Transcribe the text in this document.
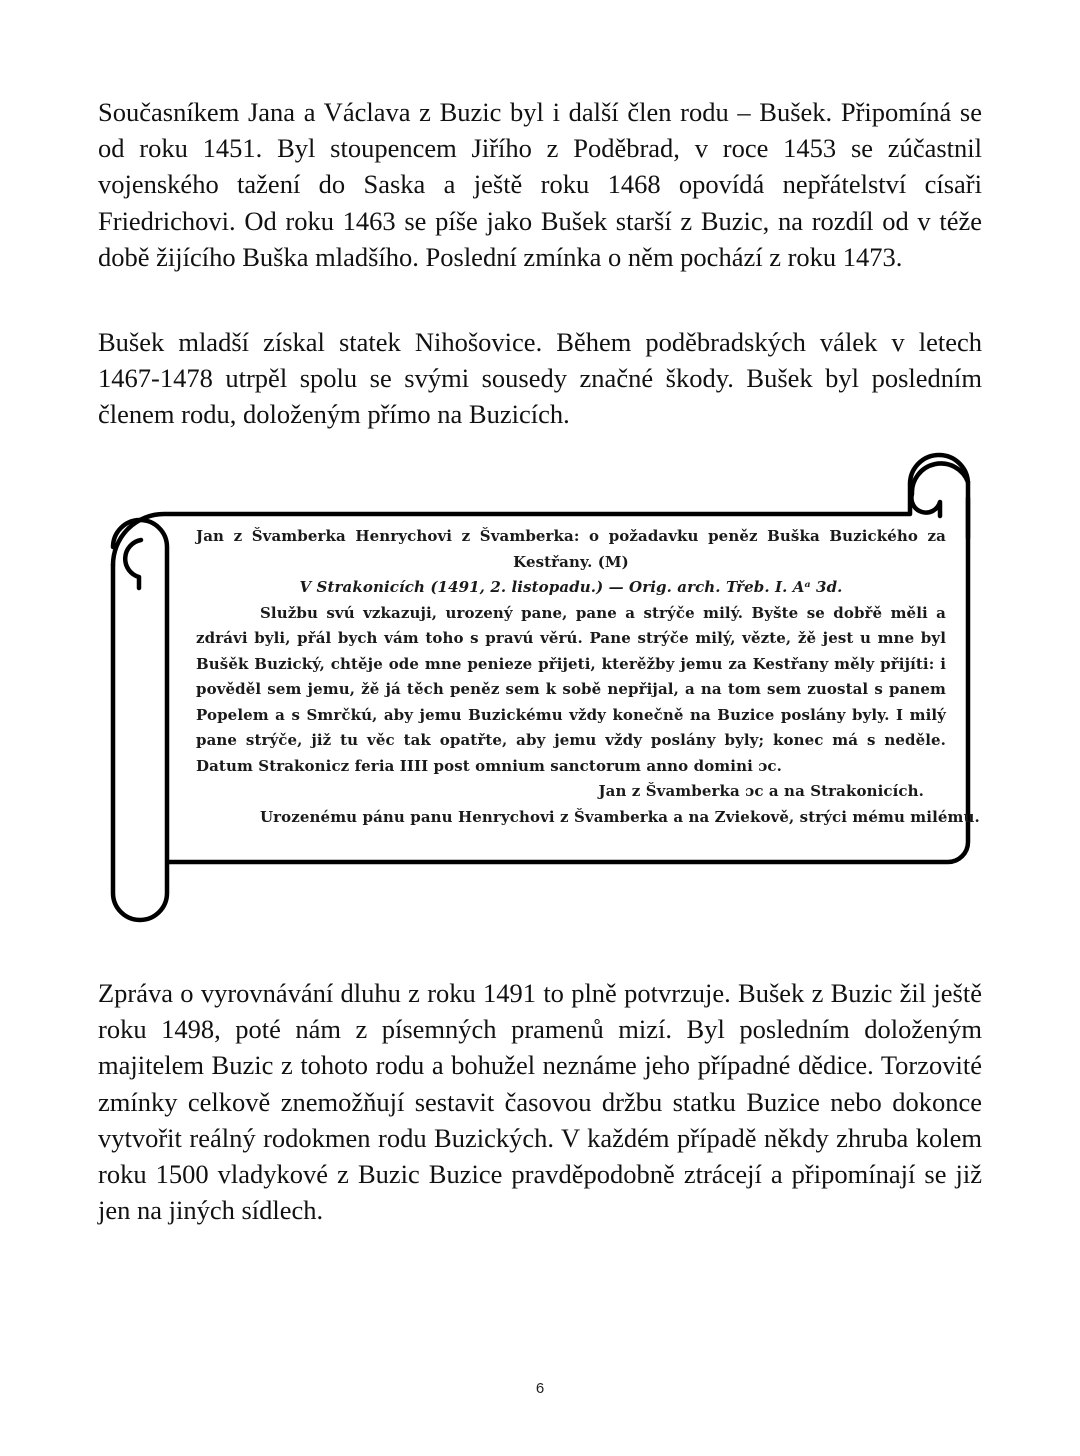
Současníkem Jana a Václava z Buzic byl i další člen rodu – Bušek. Připomíná se od roku 1451. Byl stoupencem Jiřího z Poděbrad, v roce 1453 se zúčastnil vojenského tažení do Saska a ještě roku 1468 opovídá nepřátelství císaři Friedrichovi. Od roku 1463 se píše jako Bušek starší z Buzic, na rozdíl od v téže době žijícího Buška mladšího. Poslední zmínka o něm pochází z roku 1473.

Bušek mladší získal statek Nihošovice. Během poděbradských válek v letech 1467-1478 utrpěl spolu se svými sousedy značné škody. Bušek byl posledním členem rodu, doloženým přímo na Buzicích.

Jan z Švamberka Henrychovi z Švamberka: o požadavku peněz Buška Buzického za Kestřany. (M)
V Strakonicích (1491, 2. listopadu.) — Orig. arch. Třeb. I. Aᵃ 3d.
Službu svú vzkazuji, urozený pane, pane a strýče milý. Byšte se dobřě měli a zdrávi byli, přál bych vám toho s pravú věrú. Pane strýče milý, vězte, žě jest u mne byl Bušěk Buzický, chtěje ode mne penieze přijeti, kterěžby jemu za Kestřany měly přijíti: i pověděl sem jemu, žě já těch peněz sem k sobě nepřijal, a na tom sem zuostal s panem Popelem a s Smrčkú, aby jemu Buzickému vždy konečně na Buzice poslány byly. I milý pane strýče, již tu věc tak opatřte, aby jemu vždy poslány byly; konec má s neděle. Datum Strakonicz feria IIII post omnium sanctorum anno domini ɔc.
Jan z Švamberka ɔc a na Strakonicích.
Urozenému pánu panu Henrychovi z Švamberka a na Zviekově, strýci mému milému.

Zpráva o vyrovnávání dluhu z roku 1491 to plně potvrzuje. Bušek z Buzic žil ještě roku 1498, poté nám z písemných pramenů mizí. Byl posledním doloženým majitelem Buzic z tohoto rodu a bohužel neznáme jeho případné dědice. Torzovité zmínky celkově znemožňují sestavit časovou držbu statku Buzice nebo dokonce vytvořit reálný rodokmen rodu Buzických. V každém případě někdy zhruba kolem roku 1500 vladykové z Buzic Buzice pravděpodobně ztrácejí a připomínají se již jen na jiných sídlech.

6
